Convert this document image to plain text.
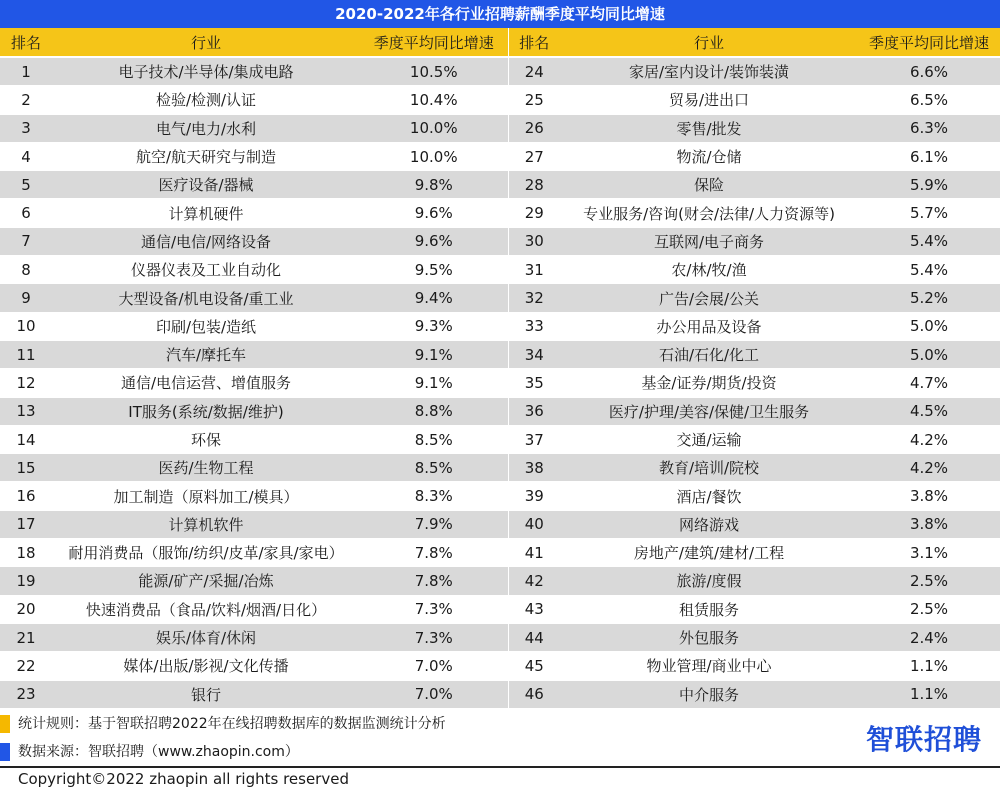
2020-2022年各行业招聘薪酬季度平均同比增速
排名	行业	季度平均同比增速	排名	行业	季度平均同比增速
1	电子技术/半导体/集成电路	10.5%	24	家居/室内设计/装饰装潢	6.6%
2	检验/检测/认证	10.4%	25	贸易/进出口	6.5%
3	电气/电力/水利	10.0%	26	零售/批发	6.3%
4	航空/航天研究与制造	10.0%	27	物流/仓储	6.1%
5	医疗设备/器械	9.8%	28	保险	5.9%
6	计算机硬件	9.6%	29	专业服务/咨询(财会/法律/人力资源等)	5.7%
7	通信/电信/网络设备	9.6%	30	互联网/电子商务	5.4%
8	仪器仪表及工业自动化	9.5%	31	农/林/牧/渔	5.4%
9	大型设备/机电设备/重工业	9.4%	32	广告/会展/公关	5.2%
10	印刷/包装/造纸	9.3%	33	办公用品及设备	5.0%
11	汽车/摩托车	9.1%	34	石油/石化/化工	5.0%
12	通信/电信运营、增值服务	9.1%	35	基金/证券/期货/投资	4.7%
13	IT服务(系统/数据/维护)	8.8%	36	医疗/护理/美容/保健/卫生服务	4.5%
14	环保	8.5%	37	交通/运输	4.2%
15	医药/生物工程	8.5%	38	教育/培训/院校	4.2%
16	加工制造（原料加工/模具）	8.3%	39	酒店/餐饮	3.8%
17	计算机软件	7.9%	40	网络游戏	3.8%
18	耐用消费品（服饰/纺织/皮革/家具/家电）	7.8%	41	房地产/建筑/建材/工程	3.1%
19	能源/矿产/采掘/冶炼	7.8%	42	旅游/度假	2.5%
20	快速消费品（食品/饮料/烟酒/日化）	7.3%	43	租赁服务	2.5%
21	娱乐/体育/休闲	7.3%	44	外包服务	2.4%
22	媒体/出版/影视/文化传播	7.0%	45	物业管理/商业中心	1.1%
23	银行	7.0%	46	中介服务	1.1%
统计规则：基于智联招聘2022年在线招聘数据库的数据监测统计分析
数据来源：智联招聘（www.zhaopin.com）	智联招聘
Copyright©2022 zhaopin all rights reserved
